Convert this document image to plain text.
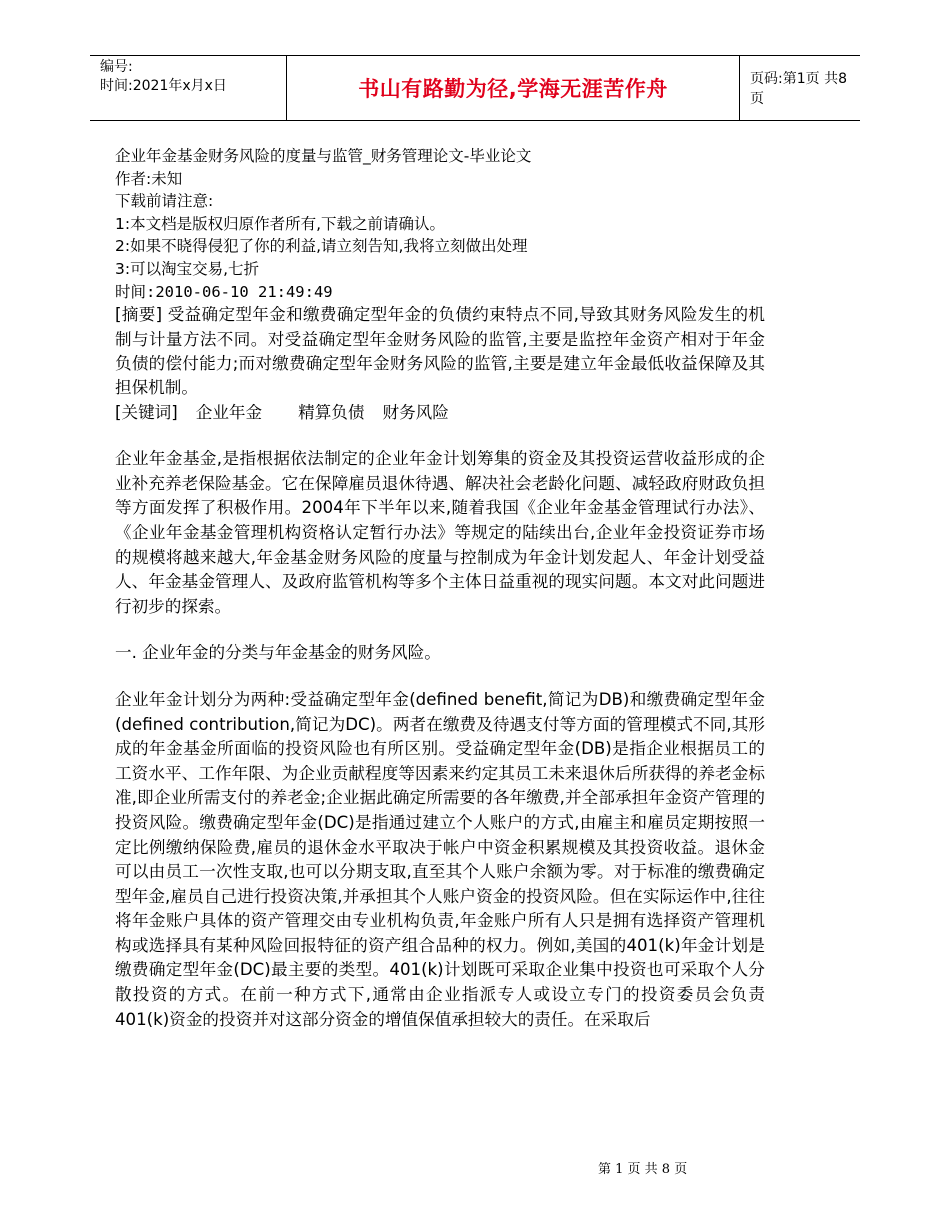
编号:
时间:2021年x月x日	书山有路勤为径,学海无涯苦作舟	页码:第1页 共8页
企业年金基金财务风险的度量与监管_财务管理论文-毕业论文
作者:未知
下载前请注意:
1:本文档是版权归原作者所有,下载之前请确认。
2:如果不晓得侵犯了你的利益,请立刻告知,我将立刻做出处理
3:可以淘宝交易,七折
时间:2010-06-10 21:49:49

[摘要] 受益确定型年金和缴费确定型年金的负债约束特点不同,导致其财务风险发生的机制与计量方法不同。对受益确定型年金财务风险的监管,主要是监控年金资产相对于年金负债的偿付能力;而对缴费确定型年金财务风险的监管,主要是建立年金最低收益保障及其担保机制。

[关键词] 企业年金 精算负债 财务风险

企业年金基金,是指根据依法制定的企业年金计划筹集的资金及其投资运营收益形成的企业补充养老保险基金。它在保障雇员退休待遇、解决社会老龄化问题、减轻政府财政负担等方面发挥了积极作用。2004年下半年以来,随着我国《企业年金基金管理试行办法》、《企业年金基金管理机构资格认定暂行办法》等规定的陆续出台,企业年金投资证券市场的规模将越来越大,年金基金财务风险的度量与控制成为年金计划发起人、年金计划受益人、年金基金管理人、及政府监管机构等多个主体日益重视的现实问题。本文对此问题进行初步的探索。

一. 企业年金的分类与年金基金的财务风险。

企业年金计划分为两种:受益确定型年金(defined benefit,简记为DB)和缴费确定型年金(defined contribution,简记为DC)。两者在缴费及待遇支付等方面的管理模式不同,其形成的年金基金所面临的投资风险也有所区别。受益确定型年金(DB)是指企业根据员工的工资水平、工作年限、为企业贡献程度等因素来约定其员工未来退休后所获得的养老金标准,即企业所需支付的养老金;企业据此确定所需要的各年缴费,并全部承担年金资产管理的投资风险。缴费确定型年金(DC)是指通过建立个人账户的方式,由雇主和雇员定期按照一定比例缴纳保险费,雇员的退休金水平取决于帐户中资金积累规模及其投资收益。退休金可以由员工一次性支取,也可以分期支取,直至其个人账户余额为零。对于标准的缴费确定型年金,雇员自己进行投资决策,并承担其个人账户资金的投资风险。但在实际运作中,往往将年金账户具体的资产管理交由专业机构负责,年金账户所有人只是拥有选择资产管理机构或选择具有某种风险回报特征的资产组合品种的权力。例如,美国的401(k)年金计划是缴费确定型年金(DC)最主要的类型。401(k)计划既可采取企业集中投资也可采取个人分散投资的方式。在前一种方式下,通常由企业指派专人或设立专门的投资委员会负责401(k)资金的投资并对这部分资金的增值保值承担较大的责任。在采取后

第 1 页 共 8 页
